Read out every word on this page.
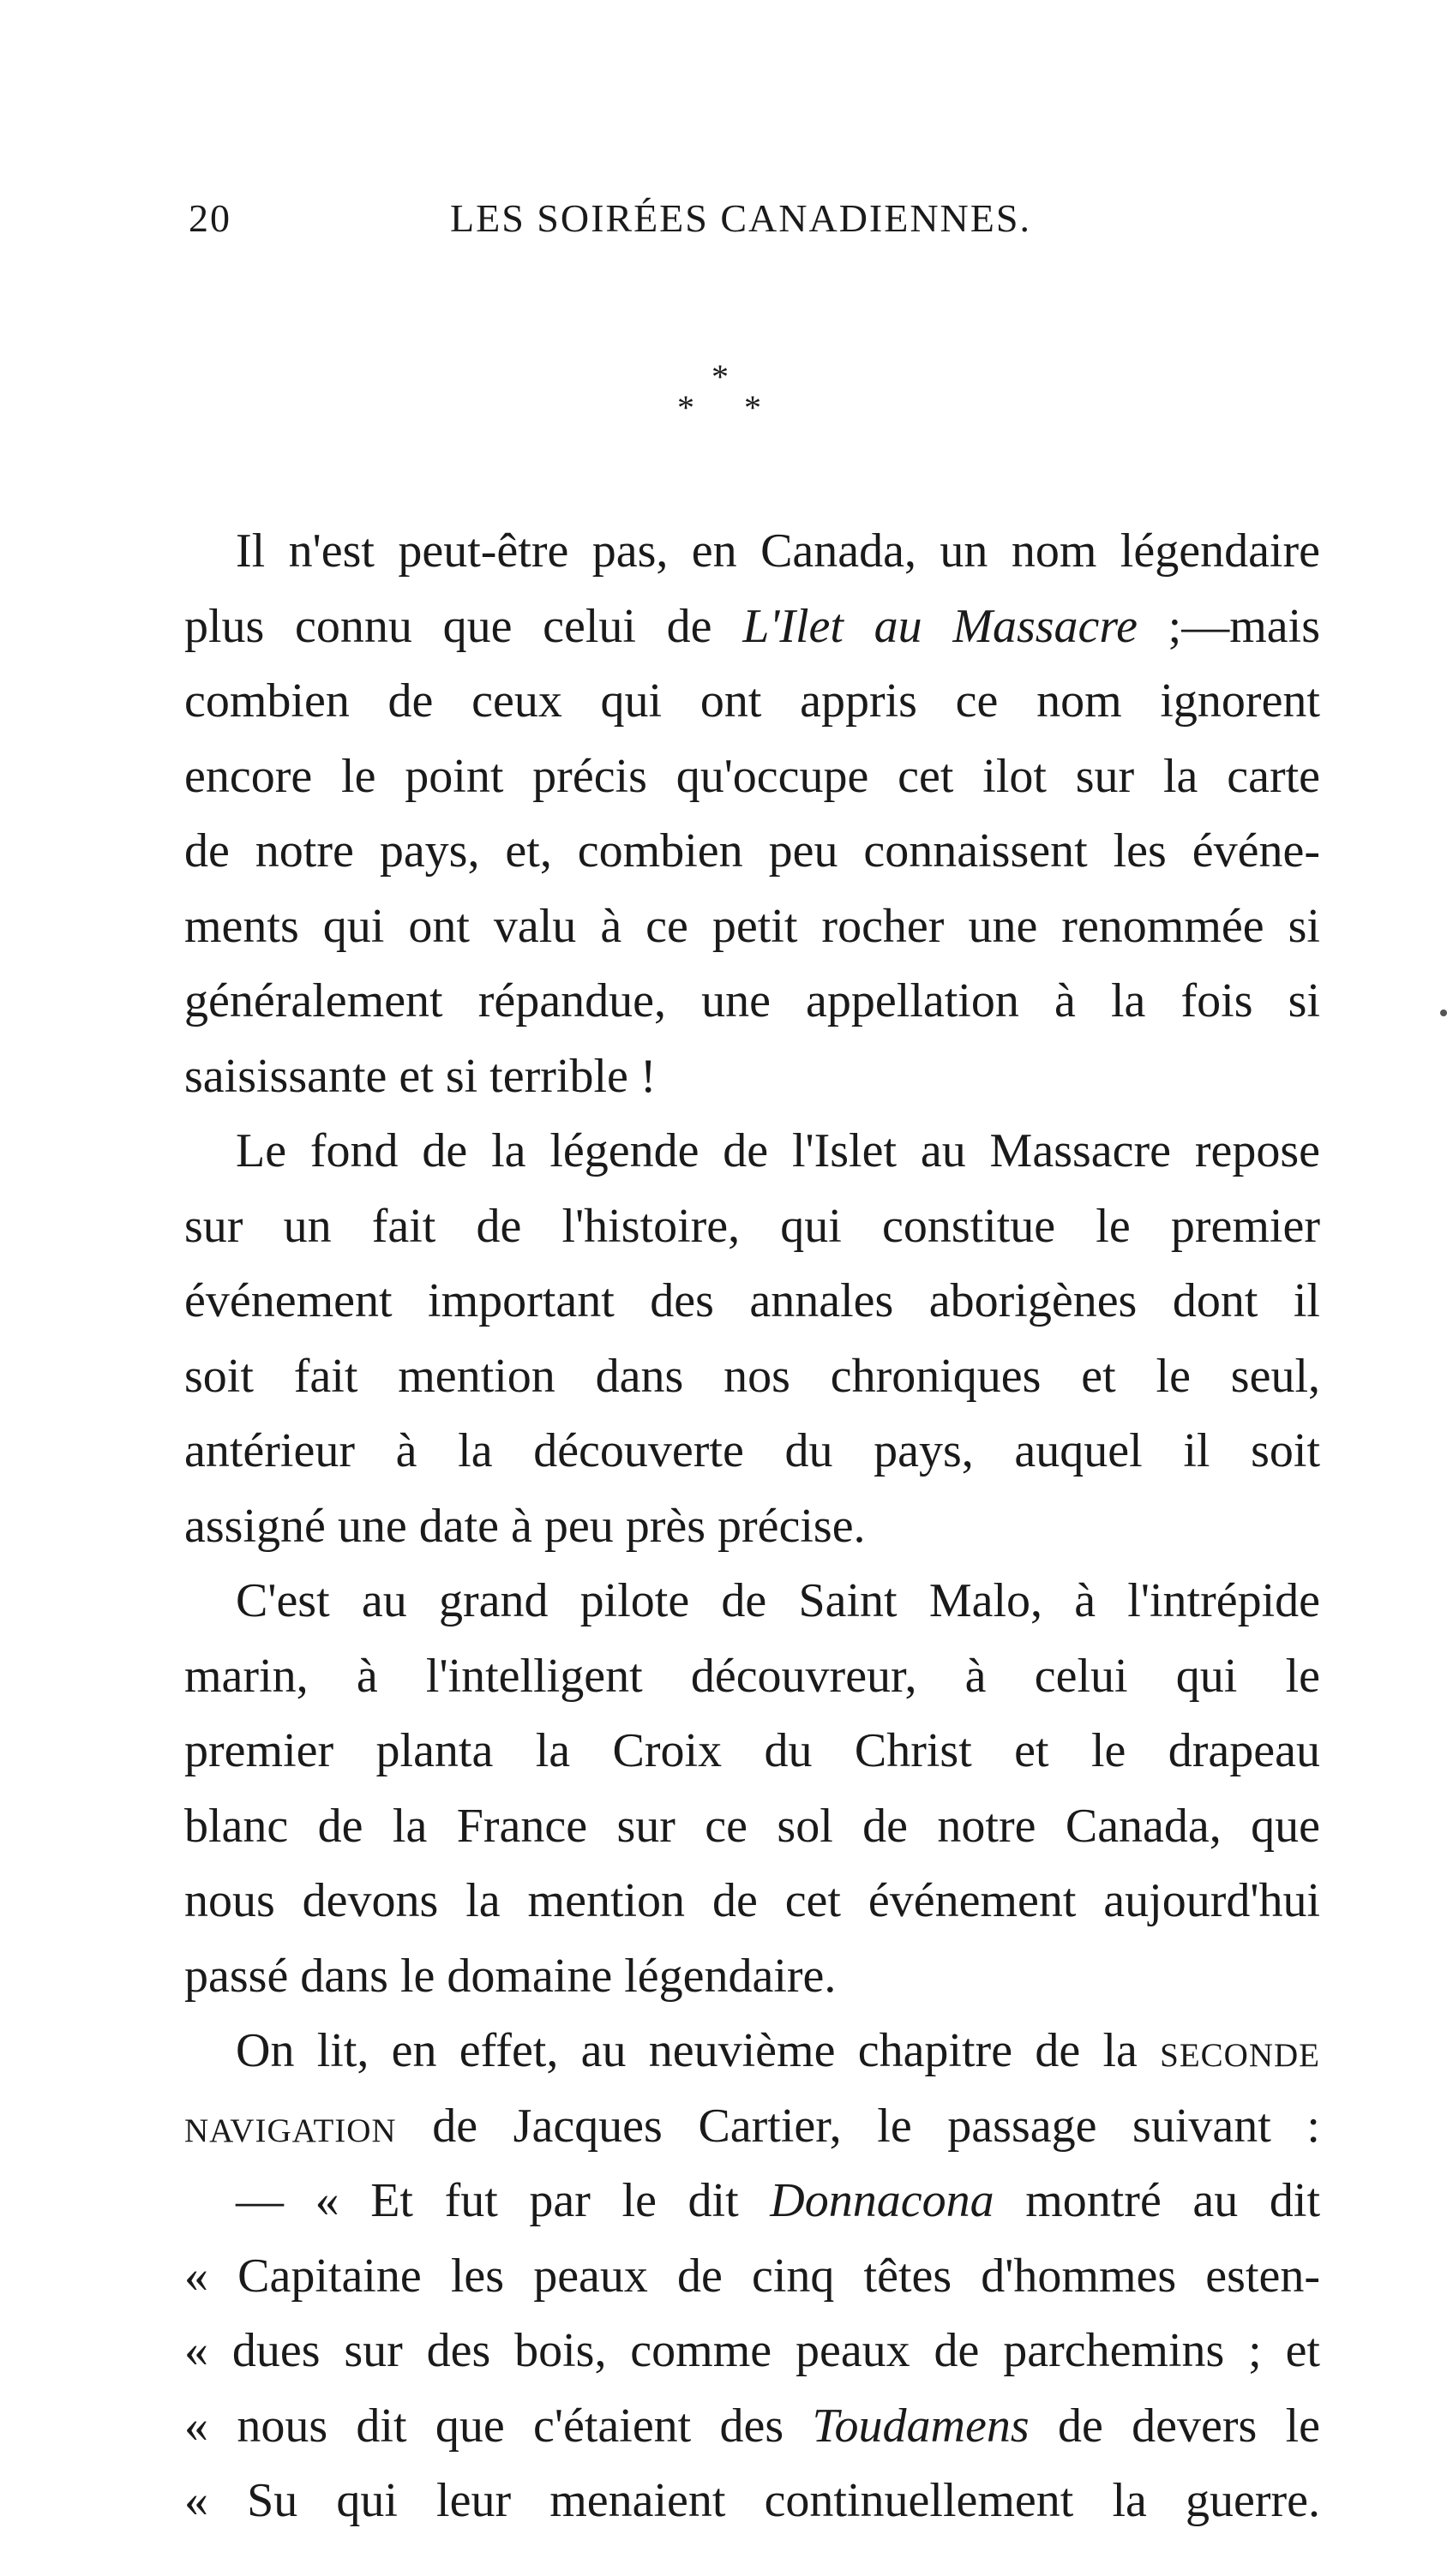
20	LES SOIRÉES CANADIENNES.
*
* *
Il n'est peut-être pas, en Canada, un nom légendaire
plus connu que celui de L'Ilet au Massacre ;—mais
combien de ceux qui ont appris ce nom ignorent
encore le point précis qu'occupe cet ilot sur la carte
de notre pays, et, combien peu connaissent les événe-
ments qui ont valu à ce petit rocher une renommée si
généralement répandue, une appellation à la fois si
saisissante et si terrible !
Le fond de la légende de l'Islet au Massacre repose
sur un fait de l'histoire, qui constitue le premier
événement important des annales aborigènes dont il
soit fait mention dans nos chroniques et le seul,
antérieur à la découverte du pays, auquel il soit
assigné une date à peu près précise.
C'est au grand pilote de Saint Malo, à l'intrépide
marin, à l'intelligent découvreur, à celui qui le
premier planta la Croix du Christ et le drapeau
blanc de la France sur ce sol de notre Canada, que
nous devons la mention de cet événement aujourd'hui
passé dans le domaine légendaire.
On lit, en effet, au neuvième chapitre de la seconde
navigation de Jacques Cartier, le passage suivant :
— « Et fut par le dit Donnacona montré au dit
« Capitaine les peaux de cinq têtes d'hommes esten-
« dues sur des bois, comme peaux de parchemins ; et
« nous dit que c'étaient des Toudamens de devers le
« Su qui leur menaient continuellement la guerre.
